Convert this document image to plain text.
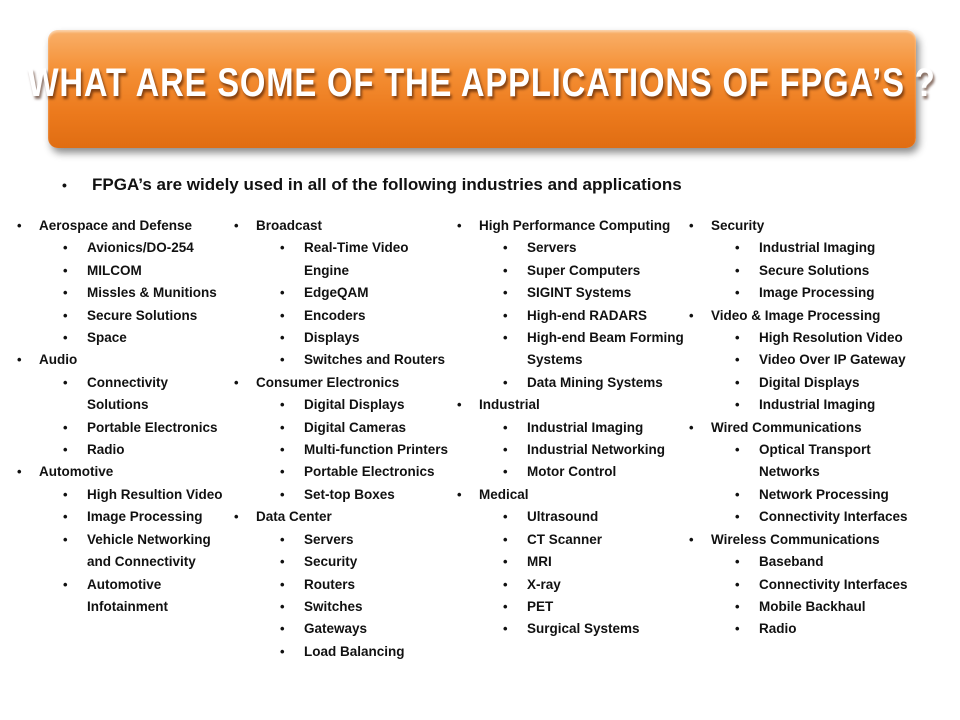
WHAT ARE SOME OF THE APPLICATIONS OF FPGA’S ?
•	FPGA’s are widely used in all of the following industries and applications
• Aerospace and Defense
• Avionics/DO-254
• MILCOM
• Missles & Munitions
• Secure Solutions
• Space
• Audio
• Connectivity Solutions
• Portable Electronics
• Radio
• Automotive
• High Resultion Video
• Image Processing
• Vehicle Networking and Connectivity
• Automotive Infotainment
• Broadcast
• Real-Time Video Engine
• EdgeQAM
• Encoders
• Displays
• Switches and Routers
• Consumer Electronics
• Digital Displays
• Digital Cameras
• Multi-function Printers
• Portable Electronics
• Set-top Boxes
• Data Center
• Servers
• Security
• Routers
• Switches
• Gateways
• Load Balancing
• High Performance Computing
• Servers
• Super Computers
• SIGINT Systems
• High-end RADARS
• High-end Beam Forming Systems
• Data Mining Systems
• Industrial
• Industrial Imaging
• Industrial Networking
• Motor Control
• Medical
• Ultrasound
• CT Scanner
• MRI
• X-ray
• PET
• Surgical Systems
• Security
• Industrial Imaging
• Secure Solutions
• Image Processing
• Video & Image Processing
• High Resolution Video
• Video Over IP Gateway
• Digital Displays
• Industrial Imaging
• Wired Communications
• Optical Transport Networks
• Network Processing
• Connectivity Interfaces
• Wireless Communications
• Baseband
• Connectivity Interfaces
• Mobile Backhaul
• Radio
